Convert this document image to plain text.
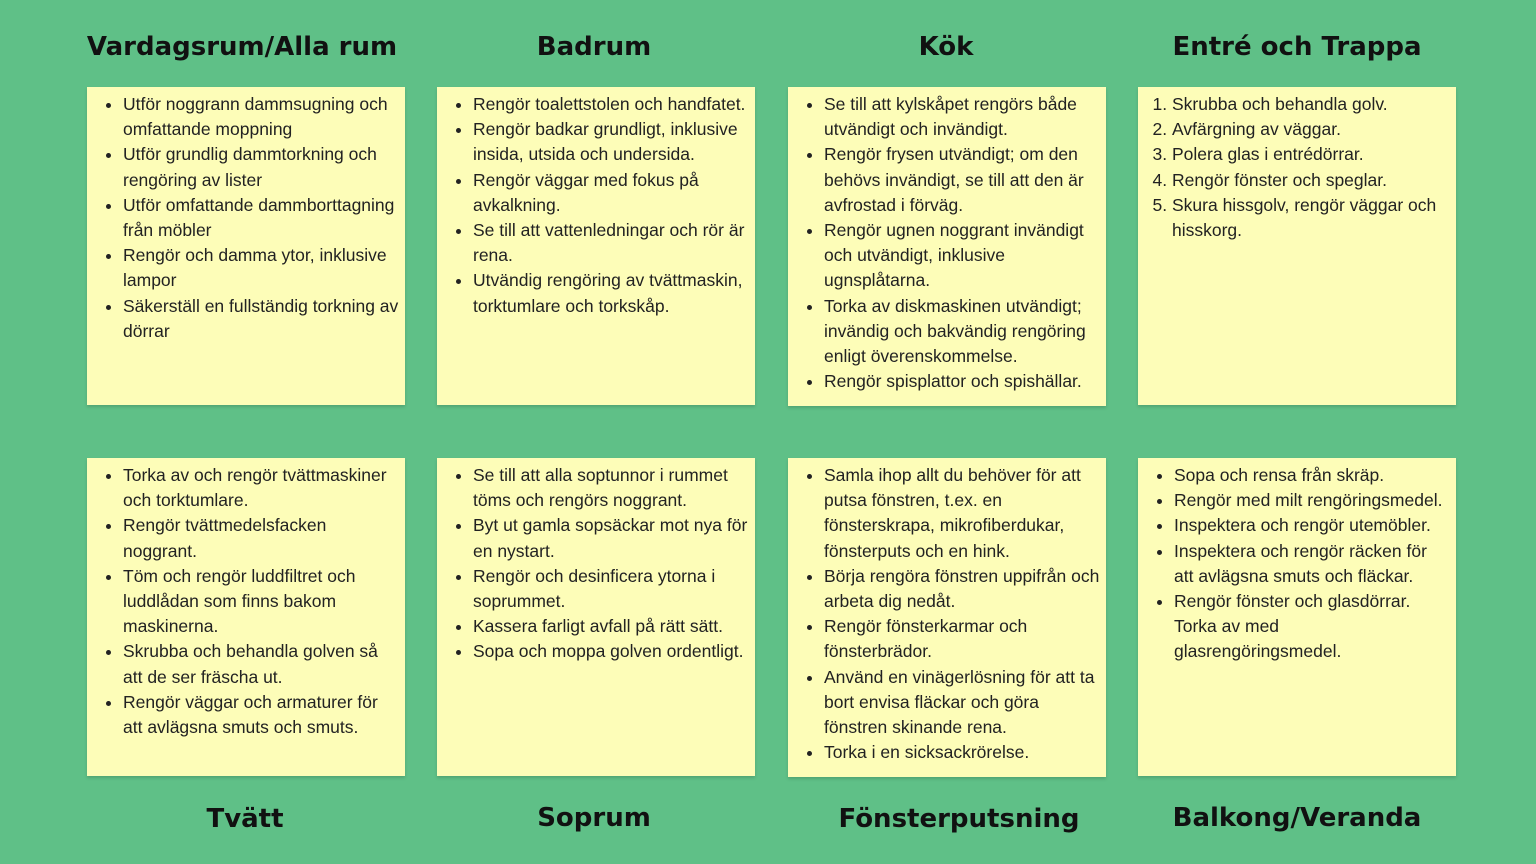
Vardagsrum/Alla rum	Badrum	Kök	Entré och Trappa
Tvätt	Soprum	Fönsterputsning	Balkong/Veranda
• Utför noggrann dammsugning och omfattande moppning
• Utför grundlig dammtorkning och rengöring av lister
• Utför omfattande dammborttagning från möbler
• Rengör och damma ytor, inklusive lampor
• Säkerställ en fullständig torkning av dörrar
• Rengör toalettstolen och handfatet.
• Rengör badkar grundligt, inklusive insida, utsida och undersida.
• Rengör väggar med fokus på avkalkning.
• Se till att vattenledningar och rör är rena.
• Utvändig rengöring av tvättmaskin, torktumlare och torkskåp.
• Se till att kylskåpet rengörs både utvändigt och invändigt.
• Rengör frysen utvändigt; om den behövs invändigt, se till att den är avfrostad i förväg.
• Rengör ugnen noggrant invändigt och utvändigt, inklusive ugnsplåtarna.
• Torka av diskmaskinen utvändigt; invändig och bakvändig rengöring enligt överenskommelse.
• Rengör spisplattor och spishällar.
1. Skrubba och behandla golv.
2. Avfärgning av väggar.
3. Polera glas i entrédörrar.
4. Rengör fönster och speglar.
5. Skura hissgolv, rengör väggar och hisskorg.
• Torka av och rengör tvättmaskiner och torktumlare.
• Rengör tvättmedelsfacken noggrant.
• Töm och rengör luddfiltret och luddlådan som finns bakom maskinerna.
• Skrubba och behandla golven så att de ser fräscha ut.
• Rengör väggar och armaturer för att avlägsna smuts och smuts.
• Se till att alla soptunnor i rummet töms och rengörs noggrant.
• Byt ut gamla sopsäckar mot nya för en nystart.
• Rengör och desinficera ytorna i soprummet.
• Kassera farligt avfall på rätt sätt.
• Sopa och moppa golven ordentligt.
• Samla ihop allt du behöver för att putsa fönstren, t.ex. en fönsterskrapa, mikrofiberdukar, fönsterputs och en hink.
• Börja rengöra fönstren uppifrån och arbeta dig nedåt.
• Rengör fönsterkarmar och fönsterbrädor.
• Använd en vinägerlösning för att ta bort envisa fläckar och göra fönstren skinande rena.
• Torka i en sicksackrörelse.
• Sopa och rensa från skräp.
• Rengör med milt rengöringsmedel.
• Inspektera och rengör utemöbler.
• Inspektera och rengör räcken för att avlägsna smuts och fläckar.
• Rengör fönster och glasdörrar. Torka av med glasrengöringsmedel.
